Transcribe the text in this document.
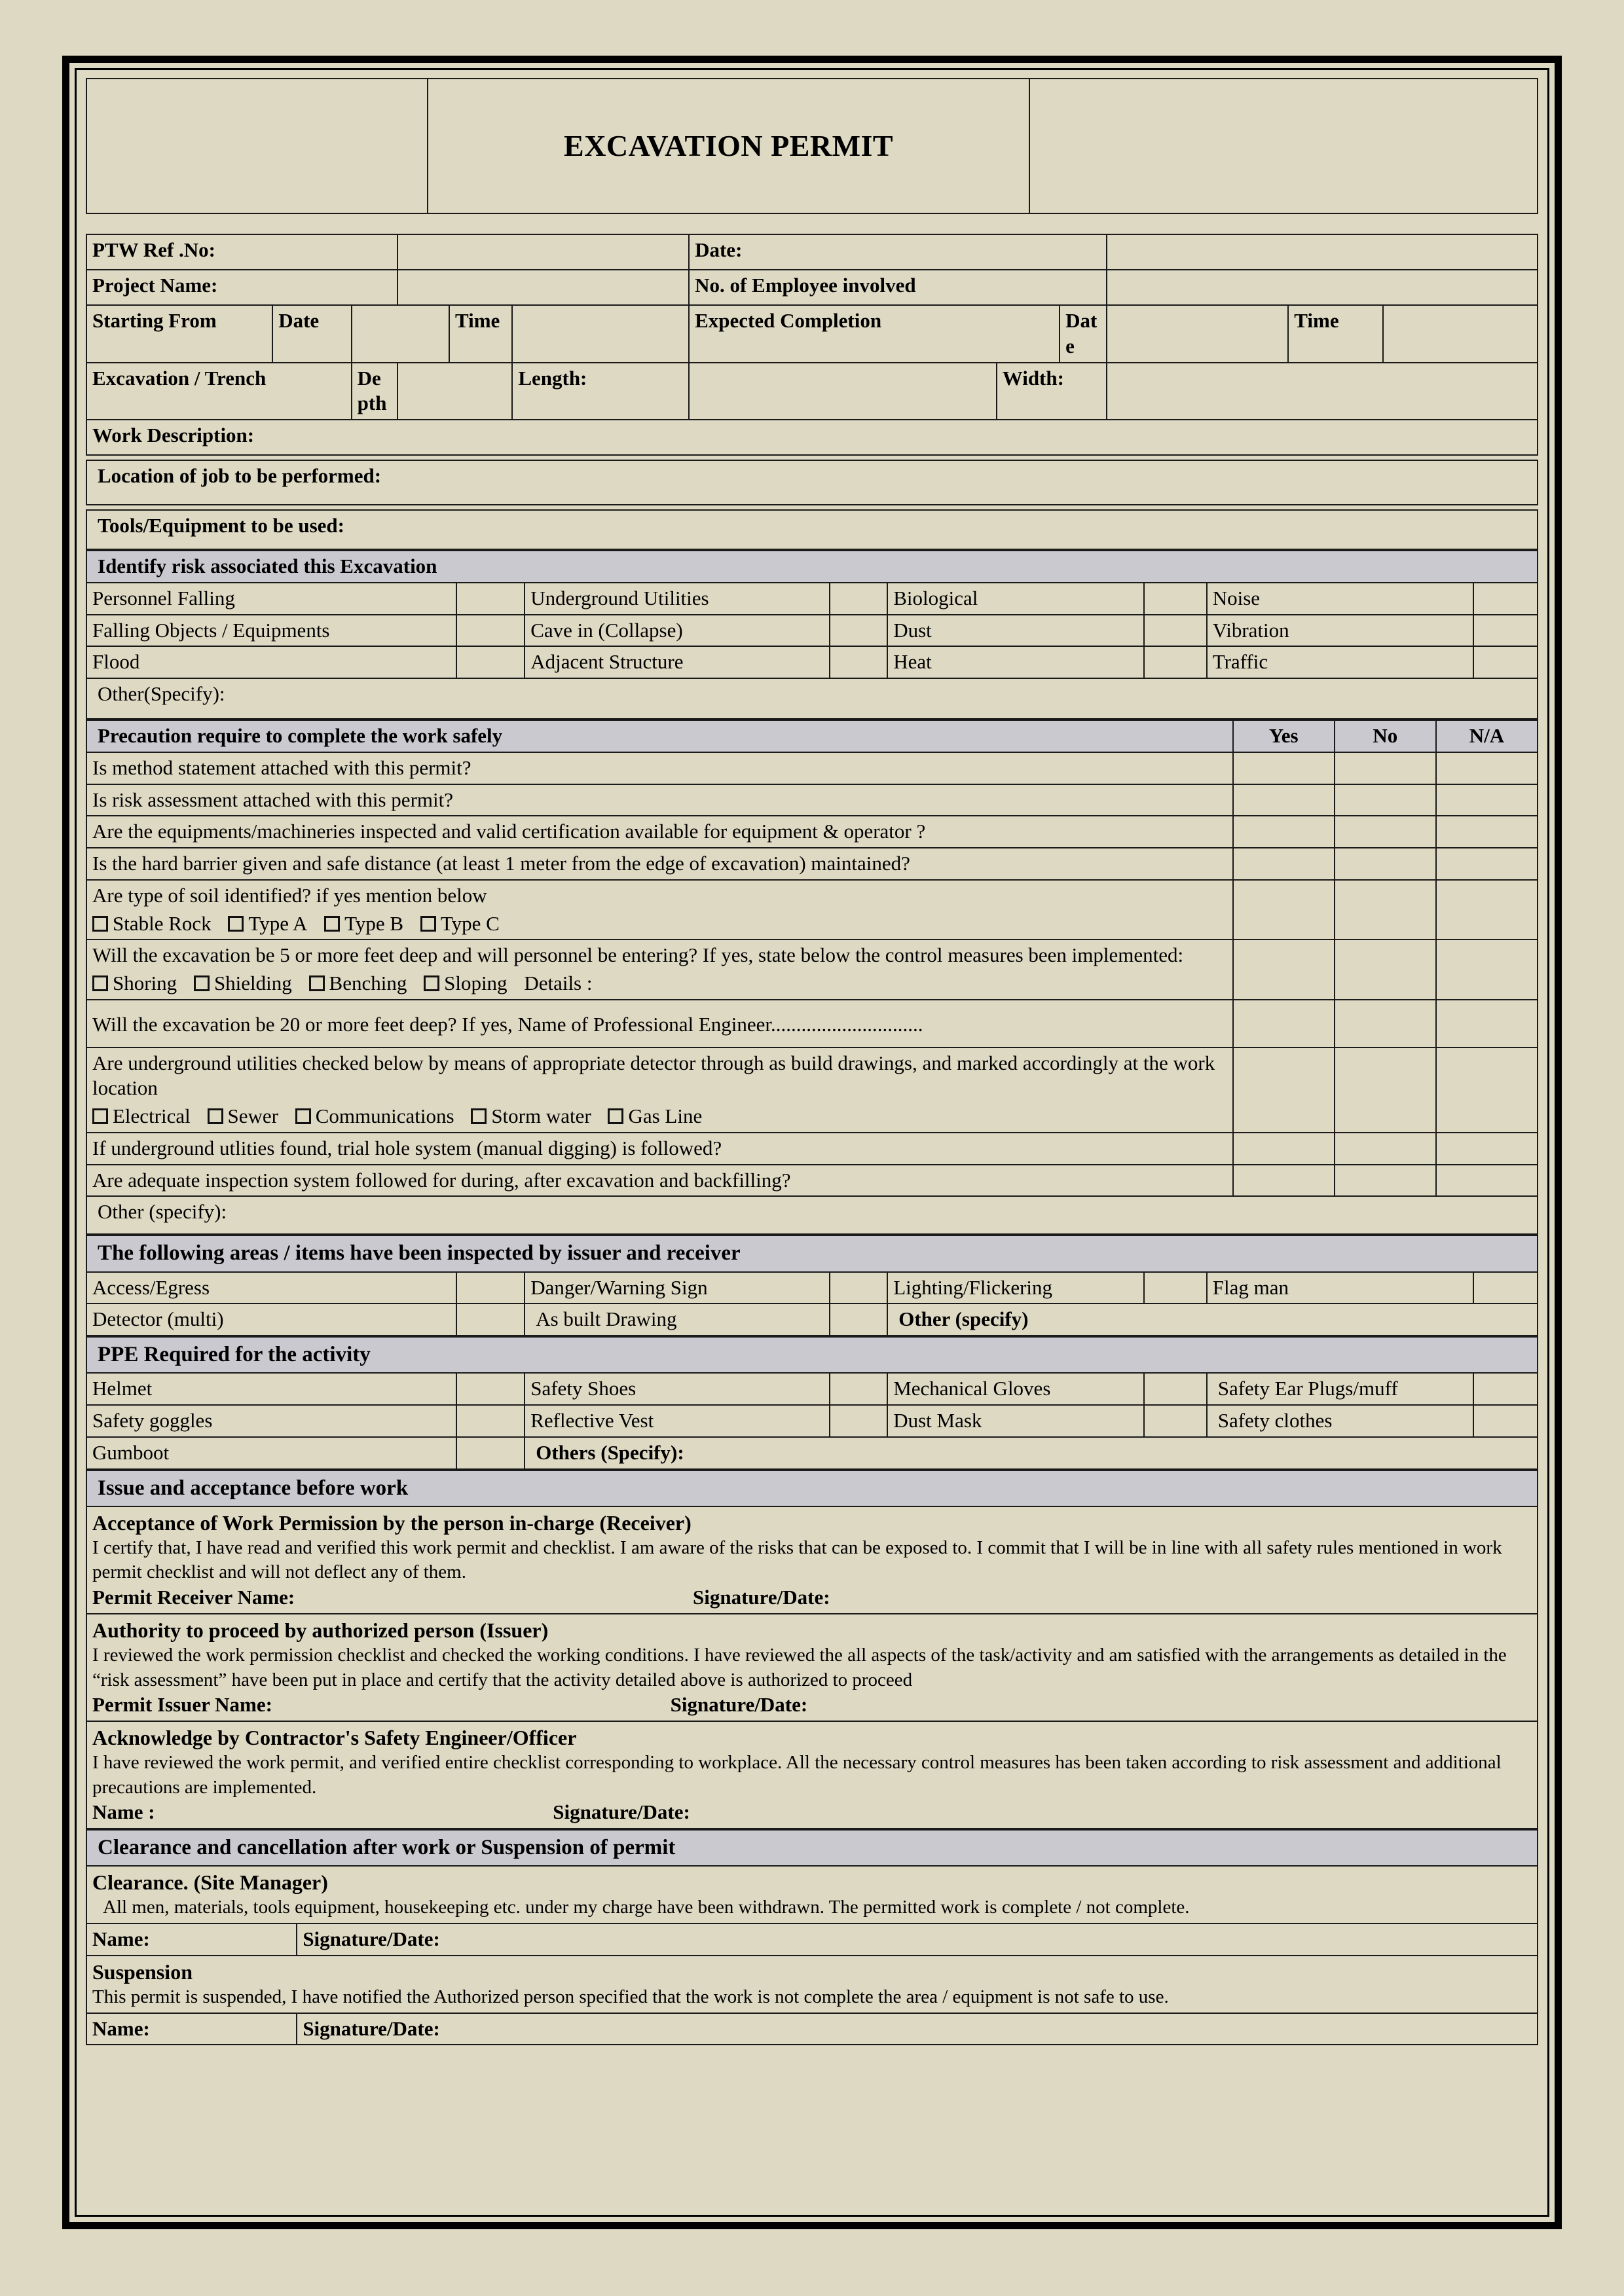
	EXCAVATION PERMIT	
PTW Ref .No:						Date:					
Project Name:						No. of Employee involved					
Starting From	Date			Time		Expected Completion		Date		Time	
Excavation / Trench		Depth			Length:		Width:				
Work Description:											
Location of job to be performed:
Tools/Equipment to be used:
Identify risk associated this Excavation							
Personnel Falling		Underground Utilities		Biological		Noise	
Falling Objects / Equipments		Cave in (Collapse)		Dust		Vibration	
Flood		Adjacent Structure		Heat		Traffic	
Other(Specify):							
Precaution require to complete the work safely	Yes	No	N/A
Is method statement attached with this permit?			
Is risk assessment attached with this permit?			
Are the equipments/machineries inspected and valid certification available for equipment & operator ?			
Is the hard barrier given and safe distance (at least 1 meter from the edge of excavation) maintained?			

Are type of soil identified? if yes mention below
Stable Rock Type A Type B Type C			

Will the excavation be 5 or more feet deep and will personnel be entering? If yes, state below the control measures been implemented:
Shoring Shielding Benching Sloping Details :			

Will the excavation be 20 or more feet deep? If yes, Name of Professional Engineer..............................			

Are underground utilities checked below by means of appropriate detector through as build drawings, and marked accordingly at the work location
Electrical Sewer Communications Storm water Gas Line			

If underground utlities found, trial hole system (manual digging) is followed?			
Are adequate inspection system followed for during, after excavation and backfilling?			
Other (specify):			
The following areas / items have been inspected by issuer and receiver							
Access/Egress		Danger/Warning Sign		Lighting/Flickering		Flag man	
Detector (multi)		As built Drawing		Other (specify)			
PPE Required for the activity							
Helmet		Safety Shoes		Mechanical Gloves		Safety Ear Plugs/muff	
Safety goggles		Reflective Vest		Dust Mask		Safety clothes	
Gumboot		Others (Specify):					
Issue and acceptance before work

Acceptance of Work Permission by the person in-charge (Receiver)
I certify that, I have read and verified this work permit and checklist. I am aware of the risks that can be exposed to. I commit that I will be in line with all safety rules mentioned in work permit checklist and will not deflect any of them.
Permit Receiver Name:	Signature/Date:

Authority to proceed by authorized person (Issuer)
I reviewed the work permission checklist and checked the working conditions. I have reviewed the all aspects of the task/activity and am satisfied with the arrangements as detailed in the “risk assessment” have been put in place and certify that the activity detailed above is authorized to proceed
Permit Issuer Name:	Signature/Date:

Acknowledge by Contractor's Safety Engineer/Officer
I have reviewed the work permit, and verified entire checklist corresponding to workplace. All the necessary control measures has been taken according to risk assessment and additional precautions are implemented.
Name :	Signature/Date:
Clearance and cancellation after work or Suspension of permit	

Clearance. (Site Manager)
All men, materials, tools equipment, housekeeping etc. under my charge have been withdrawn. The permitted work is complete / not complete.	

Name:	Signature/Date:

Suspension
This permit is suspended, I have notified the Authorized person specified that the work is not complete the area / equipment is not safe to use.	

Name:	Signature/Date:
